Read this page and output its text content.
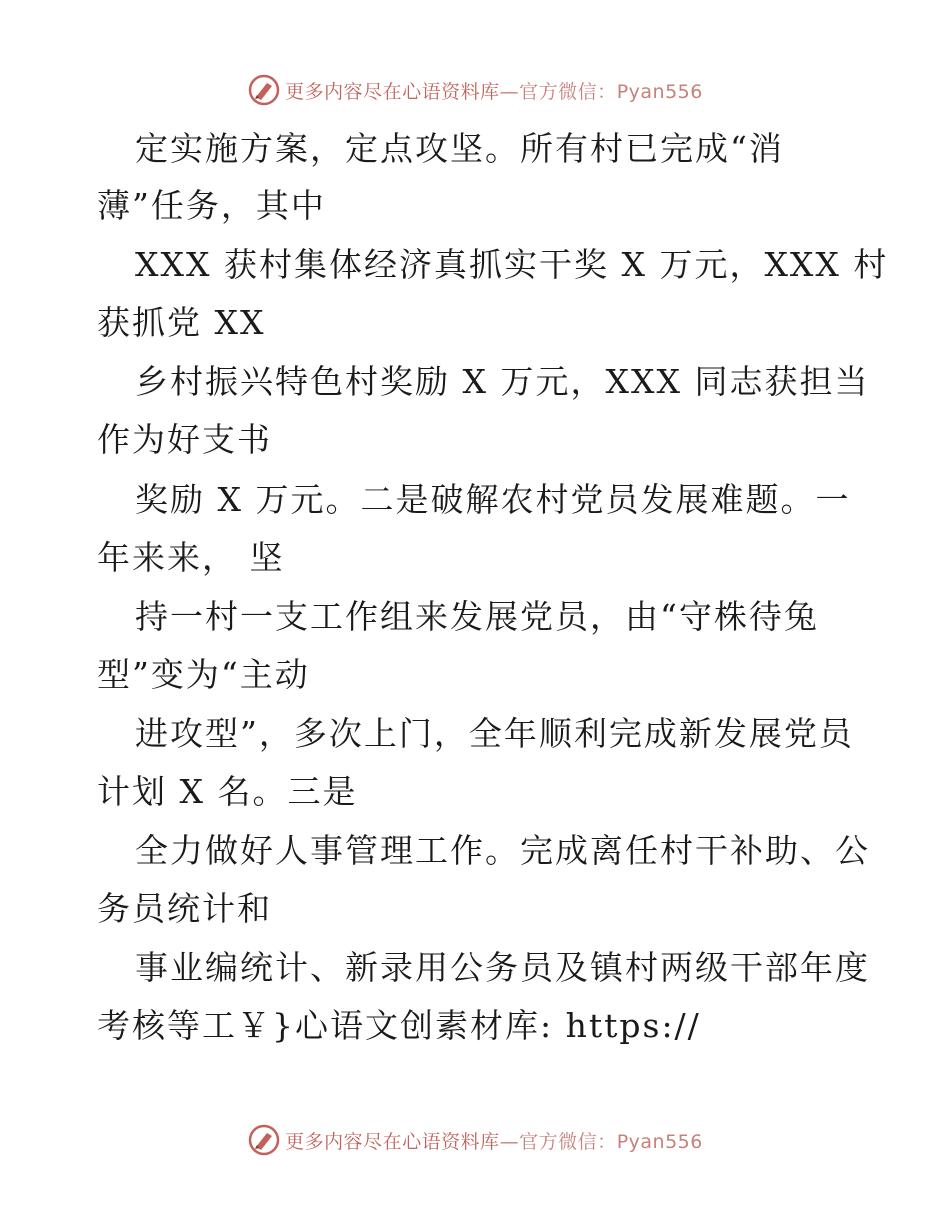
更多内容尽在心语资料库—官方微信：Pyan556
定实施方案，定点攻坚。所有村已完成“消
薄”任务，其中
XXX 获村集体经济真抓实干奖 X 万元，XXX 村
获抓党 XX
乡村振兴特色村奖励 X 万元，XXX 同志获担当
作为好支书
奖励 X 万元。二是破解农村党员发展难题。一
年来来， 坚
持一村一支工作组来发展党员，由“守株待兔
型”变为“主动
进攻型”，多次上门，全年顺利完成新发展党员
计划 X 名。三是
全力做好人事管理工作。完成离任村干补助、公
务员统计和
事业编统计、新录用公务员及镇村两级干部年度
考核等工￥}心语文创素材库: https://
更多内容尽在心语资料库—官方微信：Pyan556
